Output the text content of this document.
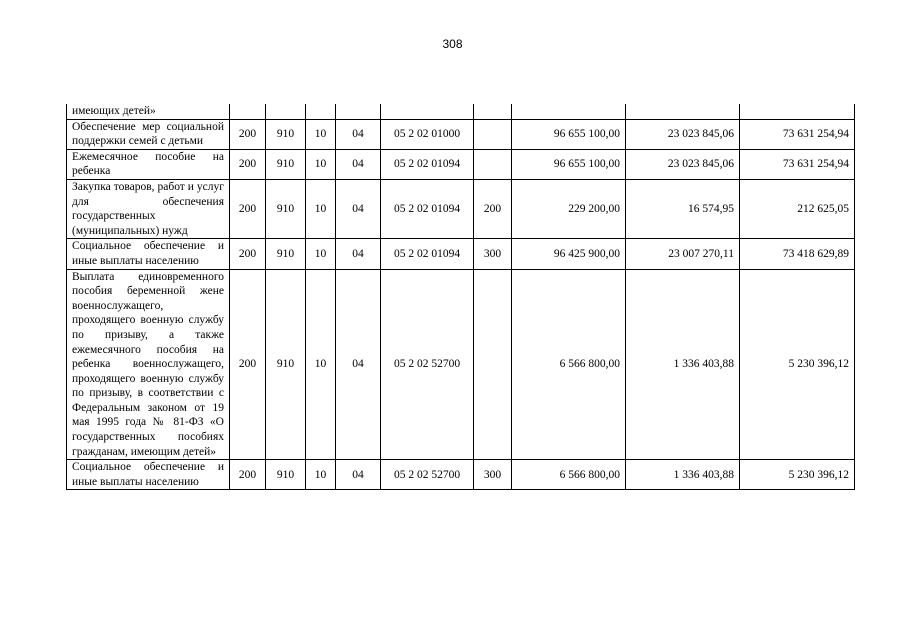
308
имеющих детей»									
Обеспечение мер социальной поддержки семей с детьми	200	910	10	04	05 2 02 01000		96 655 100,00	23 023 845,06	73 631 254,94
Ежемесячное пособие на ребенка	200	910	10	04	05 2 02 01094		96 655 100,00	23 023 845,06	73 631 254,94
Закупка товаров, работ и услуг для обеспечения государственных (муниципальных) нужд	200	910	10	04	05 2 02 01094	200	229 200,00	16 574,95	212 625,05
Социальное обеспечение и иные выплаты населению	200	910	10	04	05 2 02 01094	300	96 425 900,00	23 007 270,11	73 418 629,89
Выплата единовременного пособия беременной жене военнослужащего, проходящего военную службу по призыву, а также ежемесячного пособия на ребенка военнослужащего, проходящего военную службу по призыву, в соответствии с Федеральным законом от 19 мая 1995 года № 81-ФЗ «О государственных пособиях гражданам, имеющим детей»	200	910	10	04	05 2 02 52700		6 566 800,00	1 336 403,88	5 230 396,12
Социальное обеспечение и иные выплаты населению	200	910	10	04	05 2 02 52700	300	6 566 800,00	1 336 403,88	5 230 396,12
